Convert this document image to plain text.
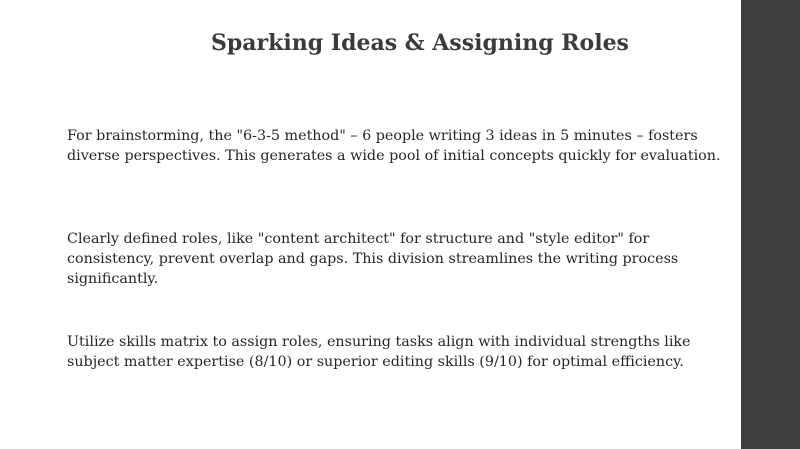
Sparking Ideas & Assigning Roles

For brainstorming, the "6-3-5 method" – 6 people writing 3 ideas in 5 minutes – fosters diverse perspectives. This generates a wide pool of initial concepts quickly for evaluation.

Clearly defined roles, like "content architect" for structure and "style editor" for consistency, prevent overlap and gaps. This division streamlines the writing process significantly.

Utilize skills matrix to assign roles, ensuring tasks align with individual strengths like subject matter expertise (8/10) or superior editing skills (9/10) for optimal efficiency.
